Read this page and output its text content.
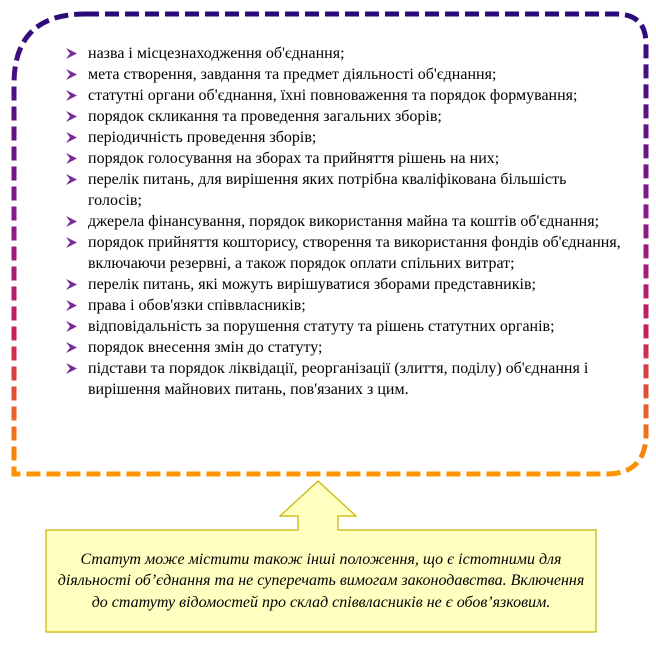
назва і місцезнаходження об'єднання;
мета створення, завдання та предмет діяльності об'єднання;
статутні органи об'єднання, їхні повноваження та порядок формування;
порядок скликання та проведення загальних зборів;
періодичність проведення зборів;
порядок голосування на зборах та прийняття рішень на них;
перелік питань, для вирішення яких потрібна кваліфікована більшість голосів;
джерела фінансування, порядок використання майна та коштів об'єднання;
порядок прийняття кошторису, створення та використання фондів об'єднання, включаючи резервні, а також порядок оплати спільних витрат;
перелік питань, які можуть вирішуватися зборами представників;
права і обов'язки співвласників;
відповідальність за порушення статуту та рішень статутних органів;
порядок внесення змін до статуту;
підстави та порядок ліквідації, реорганізації (злиття, поділу) об'єднання і вирішення майнових питань, пов'язаних з цим.
Статут може містити також інші положення, що є істотними для діяльності об’єднання та не суперечать вимогам законодавства. Включення до статуту відомостей про склад співвласників не є обов’язковим.
